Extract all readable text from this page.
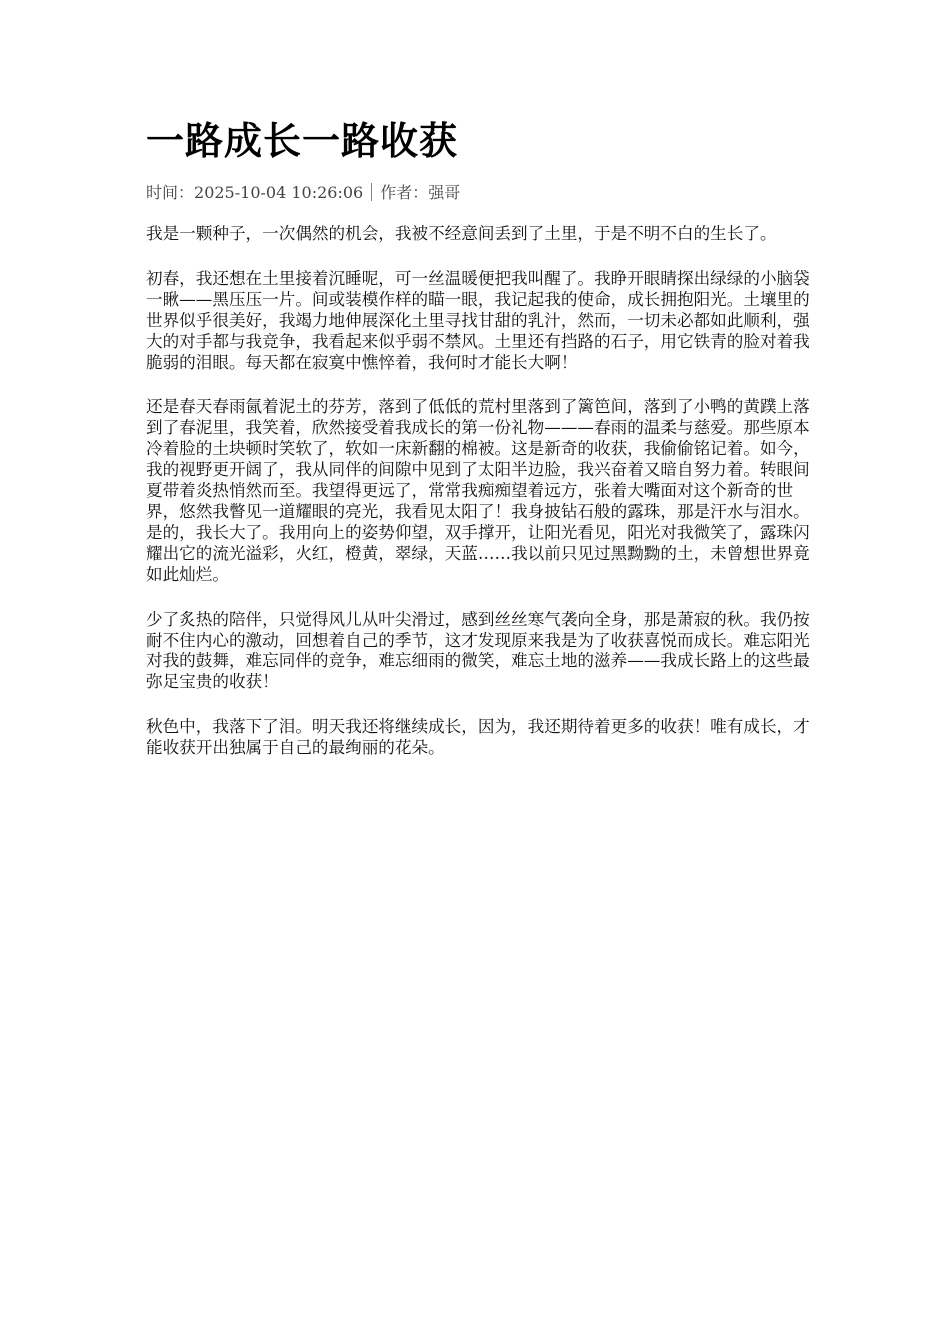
一路成长一路收获
时间：2025-10-04 10:26:06 作者：强哥

我是一颗种子，一次偶然的机会，我被不经意间丢到了土里，于是不明不白的生长了。

初春，我还想在土里接着沉睡呢，可一丝温暖便把我叫醒了。我睁开眼睛探出绿绿的小脑袋一瞅——黑压压一片。间或装模作样的瞄一眼，我记起我的使命，成长拥抱阳光。土壤里的世界似乎很美好，我竭力地伸展深化土里寻找甘甜的乳汁，然而，一切未必都如此顺利，强大的对手都与我竞争，我看起来似乎弱不禁风。土里还有挡路的石子，用它铁青的脸对着我脆弱的泪眼。每天都在寂寞中憔悴着，我何时才能长大啊！

还是春天春雨氤着泥土的芬芳，落到了低低的荒村里落到了篱笆间，落到了小鸭的黄蹼上落到了春泥里，我笑着，欣然接受着我成长的第一份礼物———春雨的温柔与慈爱。那些原本冷着脸的土块顿时笑软了，软如一床新翻的棉被。这是新奇的收获，我偷偷铭记着。如今，我的视野更开阔了，我从同伴的间隙中见到了太阳半边脸，我兴奋着又暗自努力着。转眼间夏带着炎热悄然而至。我望得更远了，常常我痴痴望着远方，张着大嘴面对这个新奇的世界，悠然我瞥见一道耀眼的亮光，我看见太阳了！我身披钻石般的露珠，那是汗水与泪水。是的，我长大了。我用向上的姿势仰望，双手撑开，让阳光看见，阳光对我微笑了，露珠闪耀出它的流光溢彩，火红，橙黄，翠绿，天蓝……我以前只见过黑黝黝的土，未曾想世界竟如此灿烂。

少了炙热的陪伴，只觉得风儿从叶尖滑过，感到丝丝寒气袭向全身，那是萧寂的秋。我仍按耐不住内心的激动，回想着自己的季节，这才发现原来我是为了收获喜悦而成长。难忘阳光对我的鼓舞，难忘同伴的竞争，难忘细雨的微笑，难忘土地的滋养——我成长路上的这些最弥足宝贵的收获！

秋色中，我落下了泪。明天我还将继续成长，因为，我还期待着更多的收获！唯有成长，才能收获开出独属于自己的最绚丽的花朵。
